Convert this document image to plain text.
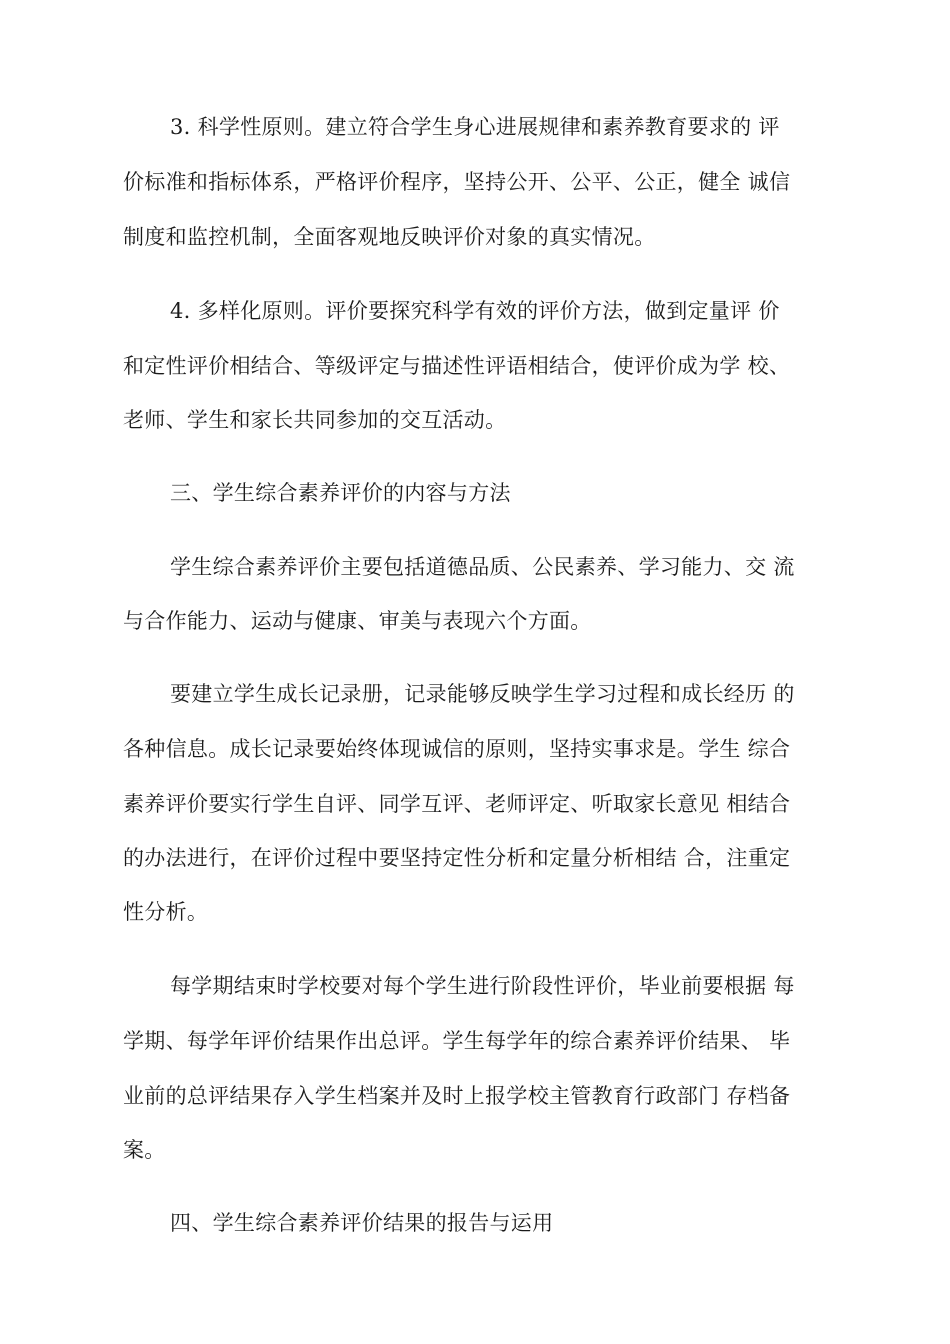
3. 科学性原则。建立符合学生身心进展规律和素养教育要求的 评
价标准和指标体系，严格评价程序，坚持公开、公平、公正，健全 诚信
制度和监控机制，全面客观地反映评价对象的真实情况。
4. 多样化原则。评价要探究科学有效的评价方法，做到定量评 价
和定性评价相结合、等级评定与描述性评语相结合，使评价成为学 校、
老师、学生和家长共同参加的交互活动。
三、学生综合素养评价的内容与方法
学生综合素养评价主要包括道德品质、公民素养、学习能力、交 流
与合作能力、运动与健康、审美与表现六个方面。
要建立学生成长记录册，记录能够反映学生学习过程和成长经历 的
各种信息。成长记录要始终体现诚信的原则，坚持实事求是。学生 综合
素养评价要实行学生自评、同学互评、老师评定、听取家长意见 相结合
的办法进行，在评价过程中要坚持定性分析和定量分析相结 合，注重定
性分析。
每学期结束时学校要对每个学生进行阶段性评价，毕业前要根据 每
学期、每学年评价结果作出总评。学生每学年的综合素养评价结果、 毕
业前的总评结果存入学生档案并及时上报学校主管教育行政部门 存档备
案。
四、学生综合素养评价结果的报告与运用
